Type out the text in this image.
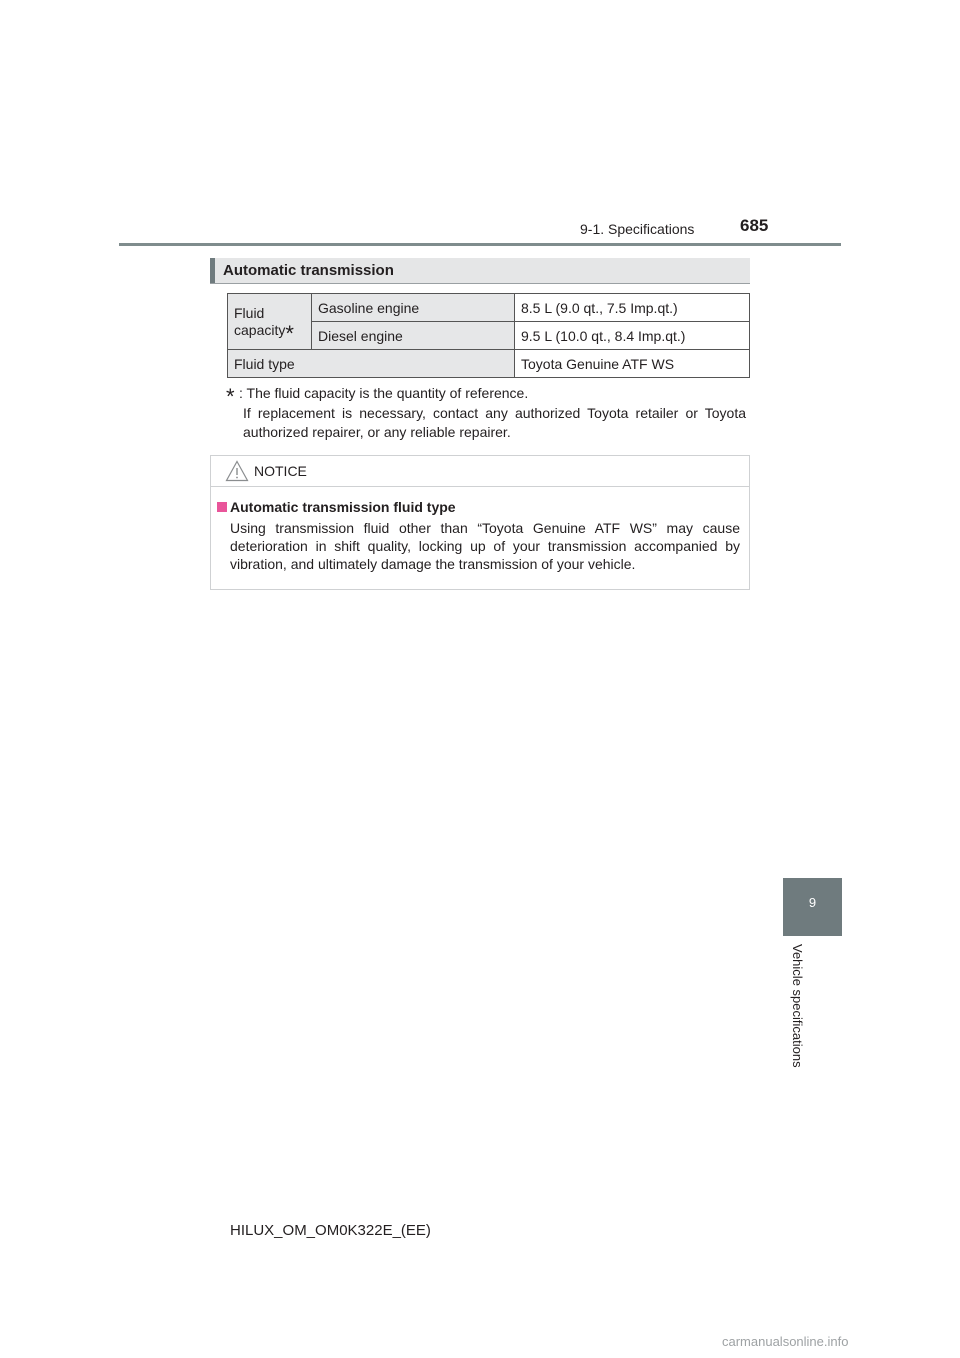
9-1. Specifications	685
Automatic transmission
Fluid
capacity*	Gasoline engine	8.5 L (9.0 qt., 7.5 Imp.qt.)
	Diesel engine	9.5 L (10.0 qt., 8.4 Imp.qt.)
Fluid type		Toyota Genuine ATF WS
* : The fluid capacity is the quantity of reference.
If replacement is necessary, contact any authorized Toyota retailer or Toyota authorized repairer, or any reliable repairer.
NOTICE
Automatic transmission fluid type
Using transmission fluid other than “Toyota Genuine ATF WS” may cause deterioration in shift quality, locking up of your transmission accompanied by vibration, and ultimately damage the transmission of your vehicle.
9
Vehicle specifications
HILUX_OM_OM0K322E_(EE)
carmanualsonline.info
